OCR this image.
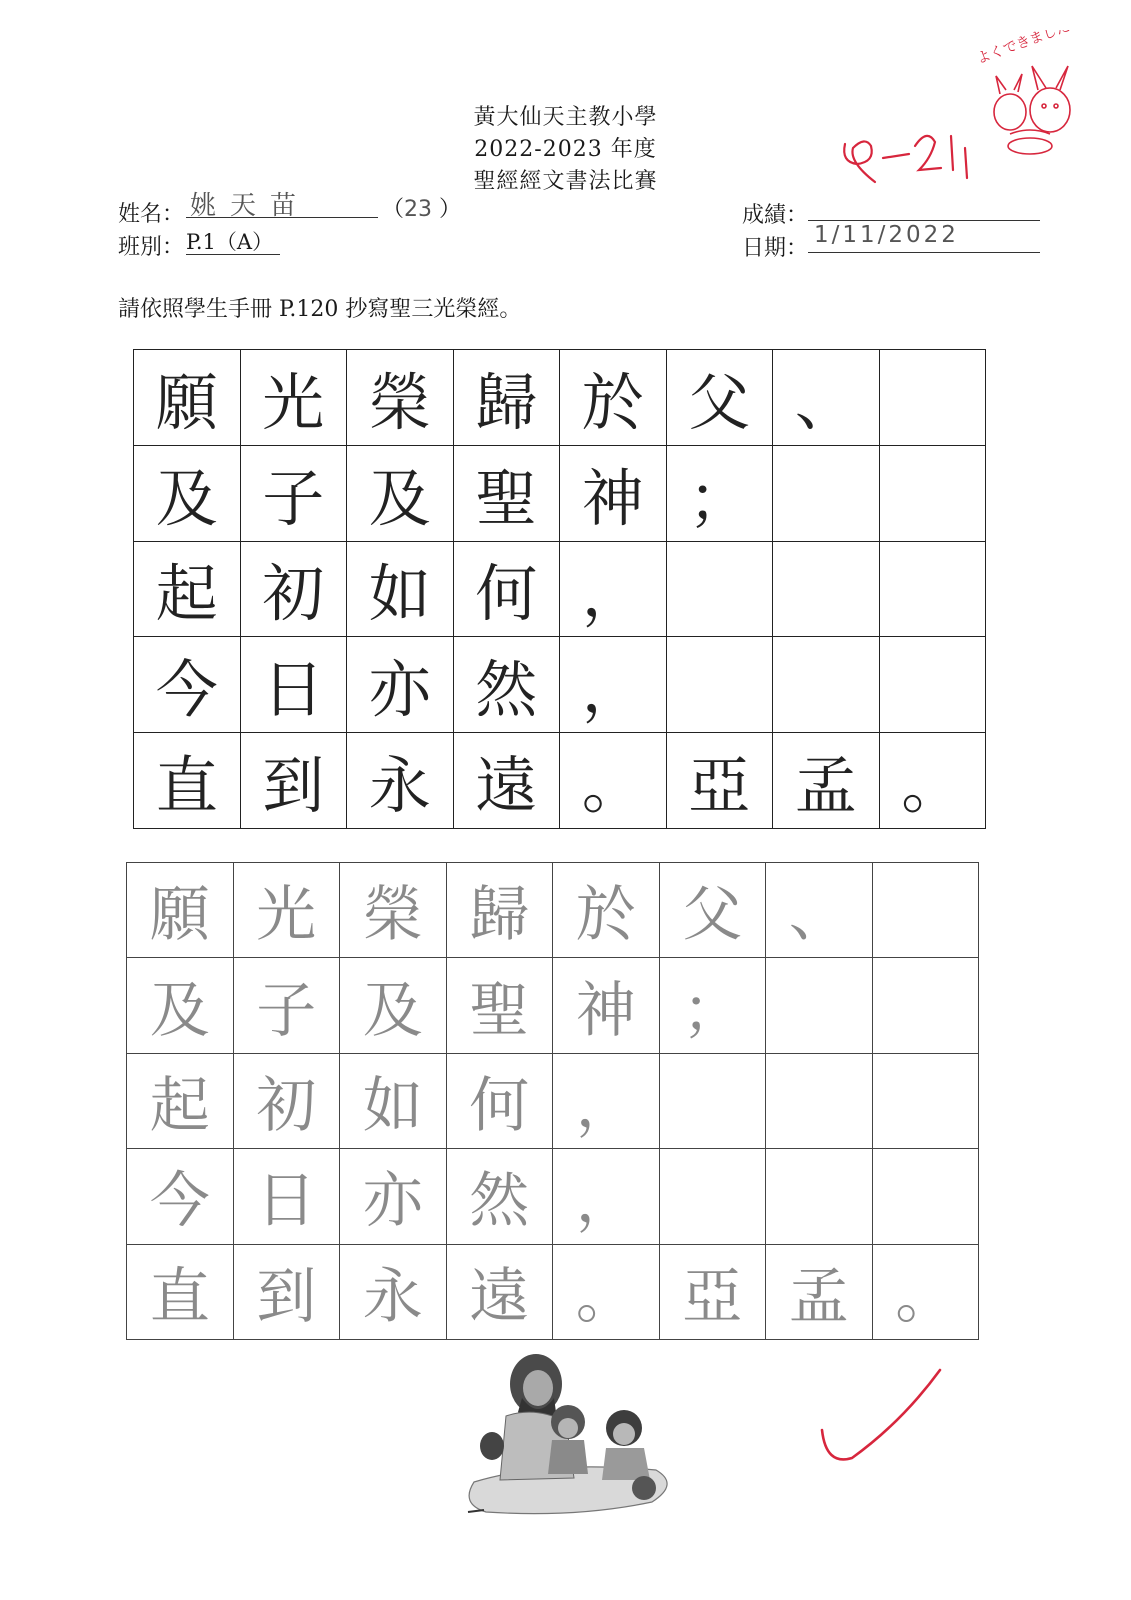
黃大仙天主教小學
2022-2023 年度
聖經經文書法比賽
姓名： 姚天苗	（23 ）
班別： P.1（A）
成績：
日期：
1/11/2022
請依照學生手冊 P.120 抄寫聖三光榮經。
願	光	榮	歸	於	父	、	
及	子	及	聖	神	；		
起	初	如	何	，			
今	日	亦	然	，			
直	到	永	遠	。	亞	孟	。
願	光	榮	歸	於	父	、	
及	子	及	聖	神	；		
起	初	如	何	，			
今	日	亦	然	，			
直	到	永	遠	。	亞	孟	。
よくできました
